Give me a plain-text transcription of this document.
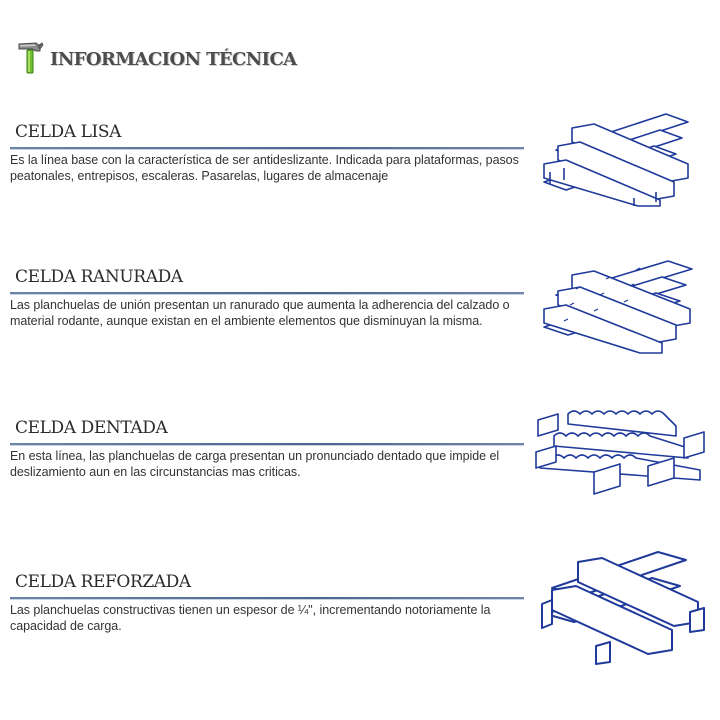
INFORMACION TÉCNICA
CELDA LISA
Es la línea base con la característica de ser antideslizante. Indicada para plataformas, pasos peatonales, entrepisos, escaleras. Pasarelas, lugares de almacenaje
CELDA RANURADA
Las planchuelas de unión presentan un ranurado que aumenta la adherencia del calzado o material rodante, aunque existan en el ambiente elementos que disminuyan la misma.
CELDA DENTADA
En esta línea, las planchuelas de carga presentan un pronunciado dentado que impide el deslizamiento aun en las circunstancias mas criticas.
CELDA REFORZADA
Las planchuelas constructivas tienen un espesor de ¼", incrementando notoriamente la capacidad de carga.
